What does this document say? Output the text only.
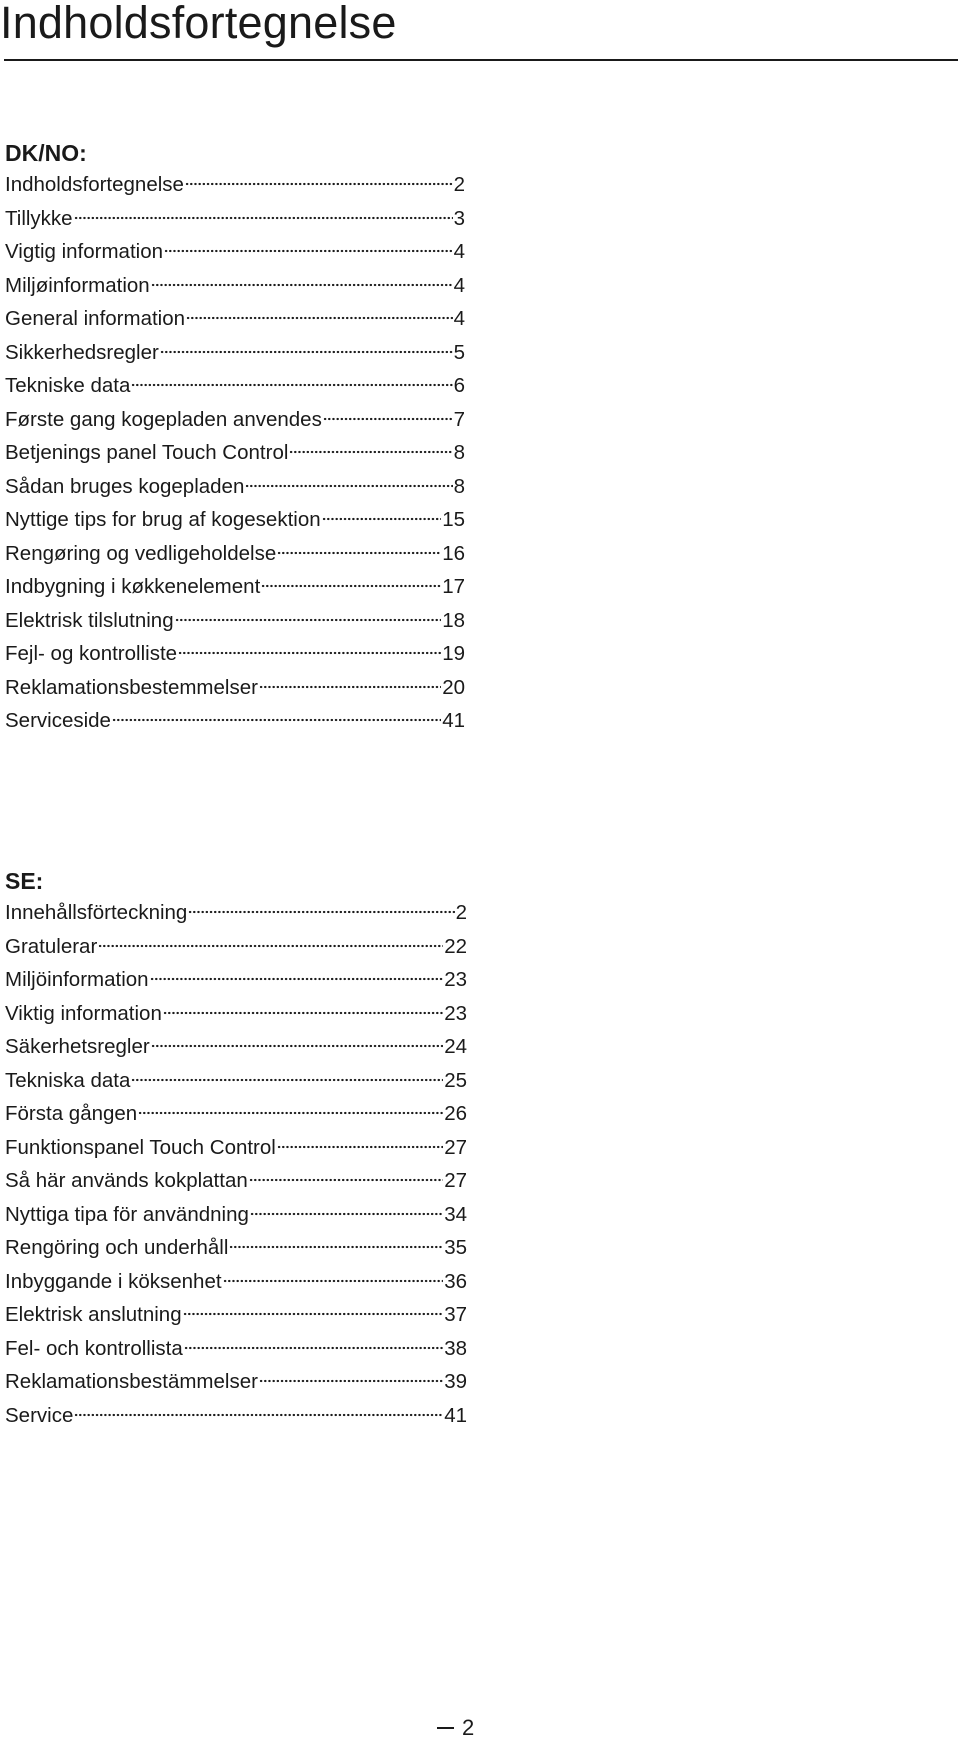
Indholdsfortegnelse
DK/NO:
Indholdsfortegnelse	2
Tillykke	3
Vigtig information	4
Miljøinformation	4
General information	4
Sikkerhedsregler	5
Tekniske data	6
Første gang kogepladen anvendes	7
Betjenings panel Touch Control	8
Sådan bruges kogepladen	8
Nyttige tips for brug af kogesektion	15
Rengøring og vedligeholdelse	16
Indbygning i køkkenelement	17
Elektrisk tilslutning	18
Fejl- og kontrolliste	19
Reklamationsbestemmelser	20
Serviceside	41
SE:
Innehållsförteckning	2
Gratulerar	22
Miljöinformation	23
Viktig information	23
Säkerhetsregler	24
Tekniska data	25
Första gången	26
Funktionspanel Touch Control	27
Så här används kokplattan	27
Nyttiga tipa för användning	34
Rengöring och underhåll	35
Inbyggande i köksenhet	36
Elektrisk anslutning	37
Fel- och kontrollista	38
Reklamationsbestämmelser	39
Service	41
2
